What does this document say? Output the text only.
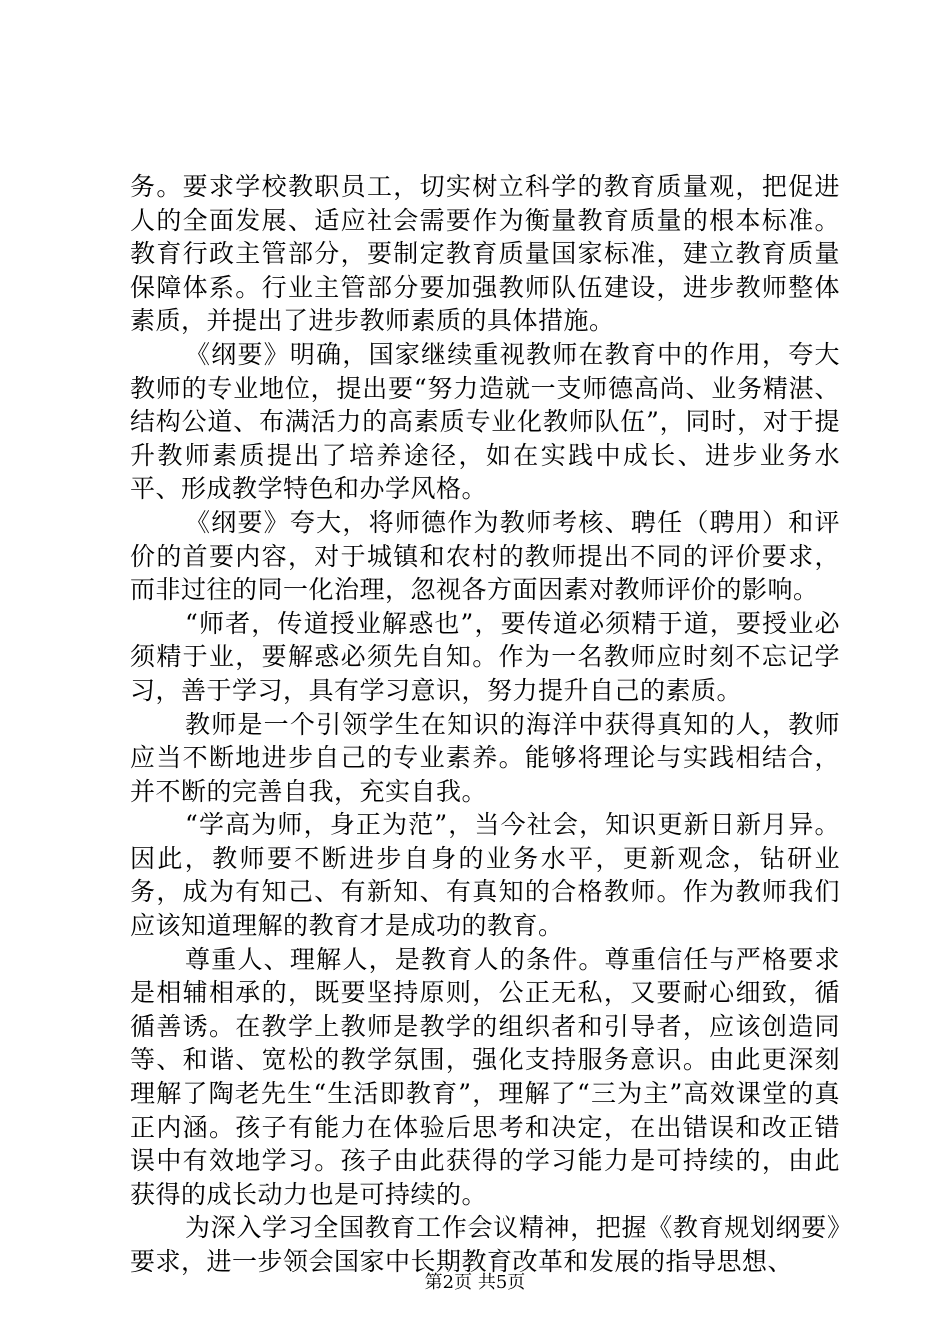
务。要求学校教职员工，切实树立科学的教育质量观，把促进人的全面发展、适应社会需要作为衡量教育质量的根本标准。教育行政主管部分，要制定教育质量国家标准，建立教育质量保障体系。行业主管部分要加强教师队伍建设，进步教师整体素质，并提出了进步教师素质的具体措施。

《纲要》明确，国家继续重视教师在教育中的作用，夸大教师的专业地位，提出要“努力造就一支师德高尚、业务精湛、结构公道、布满活力的高素质专业化教师队伍”，同时，对于提升教师素质提出了培养途径，如在实践中成长、进步业务水平、形成教学特色和办学风格。

《纲要》夸大，将师德作为教师考核、聘任（聘用）和评价的首要内容，对于城镇和农村的教师提出不同的评价要求，而非过往的同一化治理，忽视各方面因素对教师评价的影响。

“师者，传道授业解惑也”，要传道必须精于道，要授业必须精于业，要解惑必须先自知。作为一名教师应时刻不忘记学习，善于学习，具有学习意识，努力提升自己的素质。

教师是一个引领学生在知识的海洋中获得真知的人，教师应当不断地进步自己的专业素养。能够将理论与实践相结合，并不断的完善自我，充实自我。

“学高为师，身正为范”，当今社会，知识更新日新月异。因此，教师要不断进步自身的业务水平，更新观念，钻研业务，成为有知己、有新知、有真知的合格教师。作为教师我们应该知道理解的教育才是成功的教育。

尊重人、理解人，是教育人的条件。尊重信任与严格要求是相辅相承的，既要坚持原则，公正无私，又要耐心细致，循循善诱。在教学上教师是教学的组织者和引导者，应该创造同等、和谐、宽松的教学氛围，强化支持服务意识。由此更深刻理解了陶老先生“生活即教育”，理解了“三为主”高效课堂的真正内涵。孩子有能力在体验后思考和决定，在出错误和改正错误中有效地学习。孩子由此获得的学习能力是可持续的，由此获得的成长动力也是可持续的。

为深入学习全国教育工作会议精神，把握《教育规划纲要》要求，进一步领会国家中长期教育改革和发展的指导思想、

第2页 共5页
